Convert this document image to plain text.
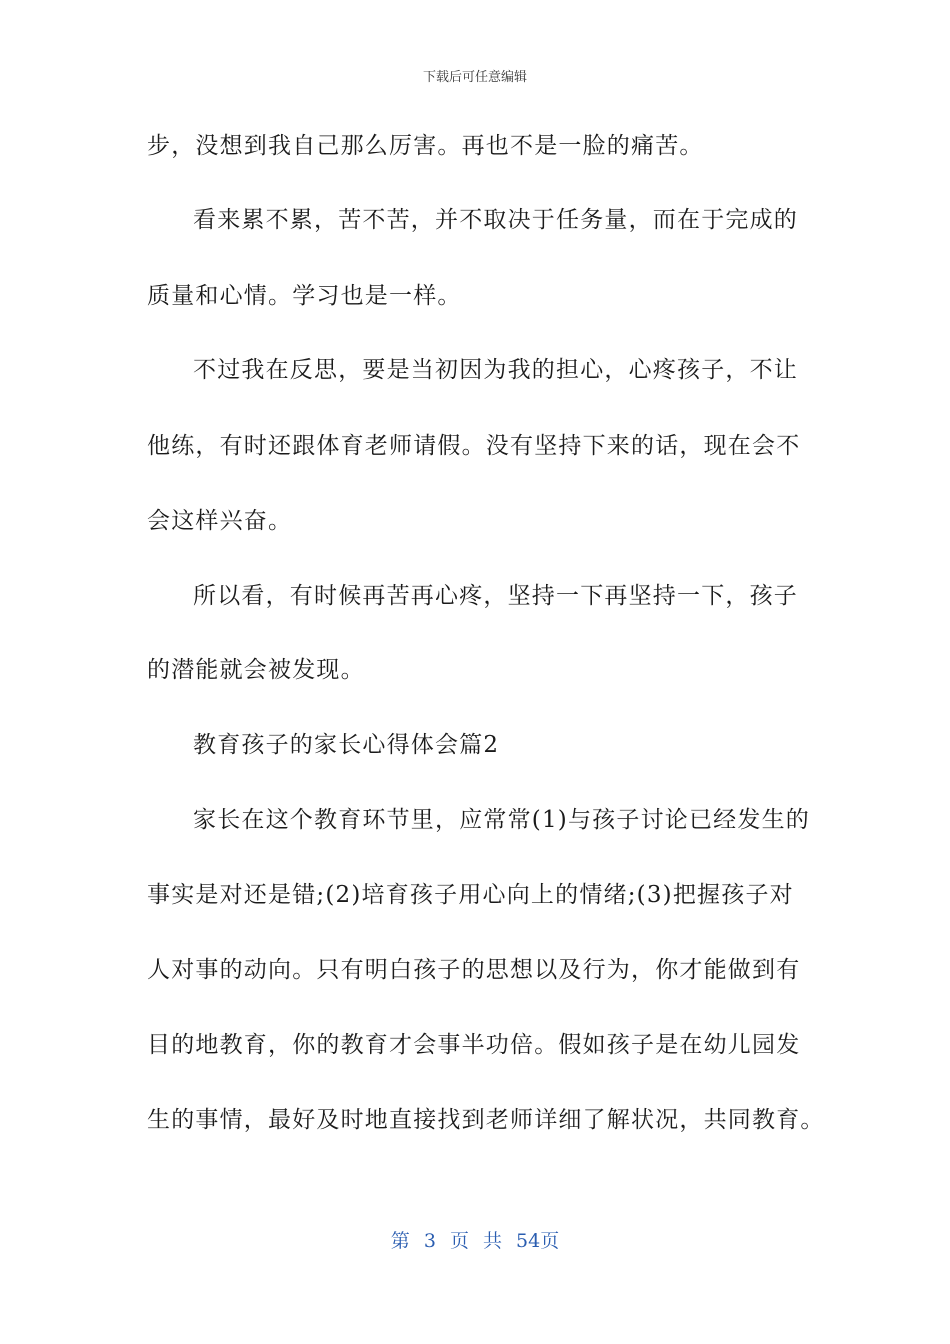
下载后可任意编辑
步，没想到我自己那么厉害。再也不是一脸的痛苦。
看来累不累，苦不苦，并不取决于任务量，而在于完成的
质量和心情。学习也是一样。
不过我在反思，要是当初因为我的担心，心疼孩子，不让
他练，有时还跟体育老师请假。没有坚持下来的话，现在会不
会这样兴奋。
所以看，有时候再苦再心疼，坚持一下再坚持一下，孩子
的潜能就会被发现。
教育孩子的家长心得体会篇2
家长在这个教育环节里，应常常(1)与孩子讨论已经发生的
事实是对还是错;(2)培育孩子用心向上的情绪;(3)把握孩子对
人对事的动向。只有明白孩子的思想以及行为，你才能做到有
目的地教育，你的教育才会事半功倍。假如孩子是在幼儿园发
生的事情，最好及时地直接找到老师详细了解状况，共同教育。
第 3 页 共 54页
